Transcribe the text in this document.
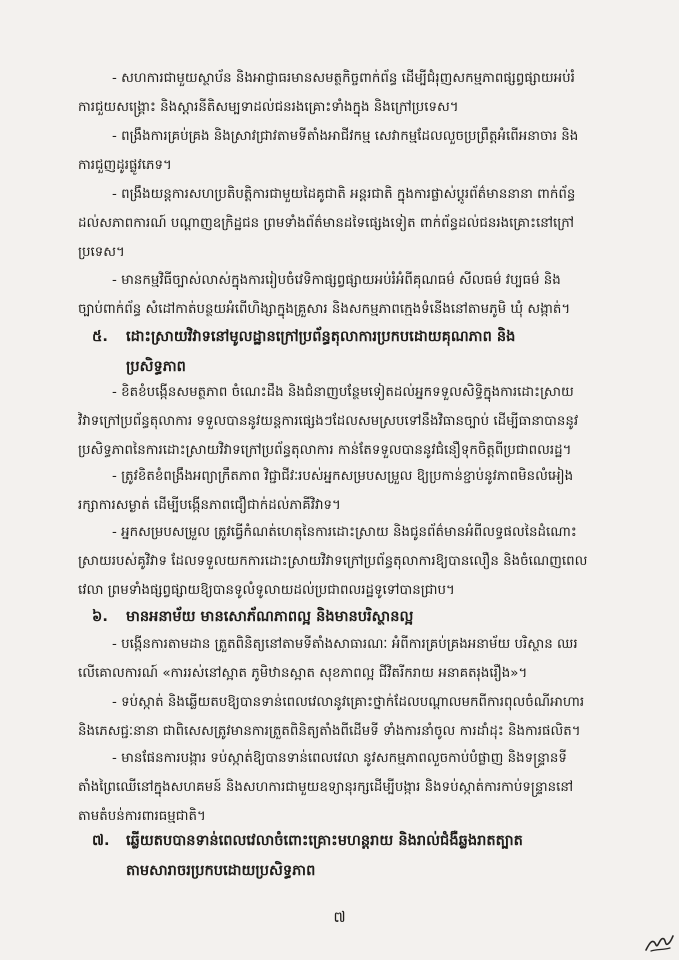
- សហការជាមួយស្ថាប័ន និងអាជ្ញាធរមានសមត្ថកិច្ចពាក់ព័ន្ធ ដើម្បីជំរុញសកម្មភាពផ្សព្វផ្សាយអប់រំ
ការជួយសង្គ្រោះ និងស្តារនីតិសម្បទាដល់ជនរងគ្រោះទាំងក្នុង និងក្រៅប្រទេស។
- ពង្រឹងការគ្រប់គ្រង និងស្រាវជ្រាវតាមទីតាំងអាជីវកម្ម សេវាកម្មដែលលួចប្រព្រឹត្តអំពើអនាចារ និង
ការជួញដូរផ្លូវភេទ។
- ពង្រឹងយន្តការសហប្រតិបត្តិការជាមួយដៃគូជាតិ អន្តរជាតិ ក្នុងការផ្លាស់ប្តូរព័ត៌មាននានា ពាក់ព័ន្ធ
ដល់សភាពការណ៍ បណ្តាញឧក្រិដ្ឋជន ព្រមទាំងព័ត៌មានដទៃផ្សេងទៀត ពាក់ព័ន្ធដល់ជនរងគ្រោះនៅក្រៅ
ប្រទេស។
- មានកម្មវិធីច្បាស់លាស់ក្នុងការរៀបចំវេទិកាផ្សព្វផ្សាយអប់រំអំពីគុណធម៌ សីលធម៌ វប្បធម៌ និង
ច្បាប់ពាក់ព័ន្ធ សំដៅកាត់បន្ថយអំពើហិង្សាក្នុងគ្រួសារ និងសកម្មភាពក្មេងទំនើងនៅតាមភូមិ ឃុំ សង្កាត់។
៥. ដោះស្រាយវិវាទនៅមូលដ្ឋានក្រៅប្រព័ន្ធតុលាការប្រកបដោយគុណភាព និង
ប្រសិទ្ធភាព
- ខិតខំបង្កើនសមត្ថភាព ចំណេះដឹង និងជំនាញបន្ថែមទៀតដល់អ្នកទទួលសិទ្ធិក្នុងការដោះស្រាយ
វិវាទក្រៅប្រព័ន្ធតុលាការ ទទួលបាននូវយន្តការផ្សេងៗដែលសមស្របទៅនឹងវិធានច្បាប់ ដើម្បីធានាបាននូវ
ប្រសិទ្ធភាពនៃការដោះស្រាយវិវាទក្រៅប្រព័ន្ធតុលាការ កាន់តែទទួលបាននូវជំនឿទុកចិត្តពីប្រជាពលរដ្ឋ។
- ត្រូវខិតខំពង្រឹងអព្យាក្រឹតភាព វិជ្ជាជីវៈរបស់អ្នកសម្របសម្រួល ឱ្យប្រកាន់ខ្ជាប់នូវភាពមិនលំអៀង
រក្សាការសម្ងាត់ ដើម្បីបង្កើនភាពជឿជាក់ដល់ភាគីវិវាទ។
- អ្នកសម្របសម្រួល ត្រូវធ្វើកំណត់ហេតុនៃការដោះស្រាយ និងជូនព័ត៌មានអំពីលទ្ធផលនៃដំណោះ
ស្រាយរបស់គូវិវាទ ដែលទទួលយកការដោះស្រាយវិវាទក្រៅប្រព័ន្ធតុលាការឱ្យបានលឿន និងចំណេញពេល
វេលា ព្រមទាំងផ្សព្វផ្សាយឱ្យបានទូលំទូលាយដល់ប្រជាពលរដ្ឋទូទៅបានជ្រាប។
៦. មានអនាម័យ មានសោភ័ណភាពល្អ និងមានបរិស្ថានល្អ
- បង្កើនការតាមដាន ត្រួតពិនិត្យនៅតាមទីតាំងសាធារណៈ អំពីការគ្រប់គ្រងអនាម័យ បរិស្ថាន ឈរ
លើគោលការណ៍ «ការរស់នៅស្អាត ភូមិឋានស្អាត សុខភាពល្អ ជីវិតរីករាយ អនាគតរុងរឿង»។
- ទប់ស្កាត់ និងឆ្លើយតបឱ្យបានទាន់ពេលវេលានូវគ្រោះថ្នាក់ដែលបណ្តាលមកពីការពុលចំណីអាហារ
និងភេសជ្ជៈនានា ជាពិសេសត្រូវមានការត្រួតពិនិត្យតាំងពីដើមទី ទាំងការនាំចូល ការដាំដុះ និងការផលិត។
- មានផែនការបង្ការ ទប់ស្កាត់ឱ្យបានទាន់ពេលវេលា នូវសកម្មភាពលួចកាប់បំផ្លាញ និងទន្ទ្រានទី
តាំងព្រៃឈើនៅក្នុងសហគមន៍ និងសហការជាមួយឧទ្យានុរក្សដើម្បីបង្ការ និងទប់ស្កាត់ការកាប់ទន្ទ្រាននៅ
តាមតំបន់ការពារធម្មជាតិ។
៧. ឆ្លើយតបបានទាន់ពេលវេលាចំពោះគ្រោះមហន្តរាយ និងរាល់ជំងឺឆ្លងរាតត្បាត
តាមសារាចរប្រកបដោយប្រសិទ្ធភាព
៧
